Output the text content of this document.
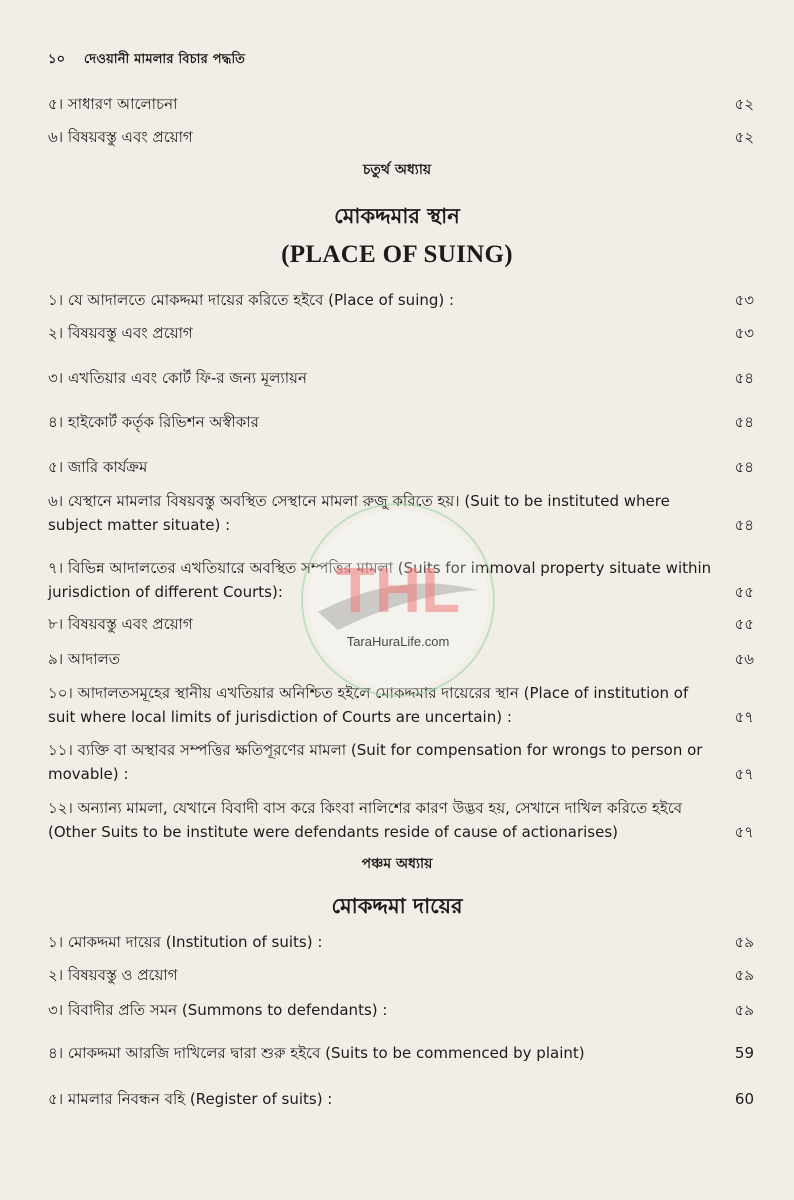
১০ দেওয়ানী মামলার বিচার পদ্ধতি
৫। সাধারণ আলোচনা	৫২
৬। বিষয়বস্তু এবং প্রয়োগ	৫২
চতুর্থ অধ্যায়
মোকদ্দমার স্থান
(PLACE OF SUING)
১। যে আদালতে মোকদ্দমা দায়ের করিতে হইবে (Place of suing) :	৫৩
২। বিষয়বস্তু এবং প্রয়োগ	৫৩
৩। এখতিয়ার এবং কোর্ট ফি-র জন্য মূল্যায়ন	৫৪
৪। হাইকোর্ট কর্তৃক রিভিশন অস্বীকার	৫৪
৫। জারি কার্যক্রম	৫৪
৬। যেস্থানে মামলার বিষয়বস্তু অবস্থিত সেস্থানে মামলা রুজু করিতে হয়। (Suit to be instituted where subject matter situate) :	৫৪
৭। বিভিন্ন আদালতের এখতিয়ারে অবস্থিত সম্পত্তির মামলা (Suits for immoval property situate within jurisdiction of different Courts):	৫৫
৮। বিষয়বস্তু এবং প্রয়োগ	৫৫
৯। আদালত	৫৬
১০। আদালতসমূহের স্থানীয় এখতিয়ার অনিশ্চিত হইলে মোকদ্দমার দায়েরের স্থান (Place of institution of suit where local limits of jurisdiction of Courts are uncertain) :	৫৭
১১। ব্যক্তি বা অস্থাবর সম্পত্তির ক্ষতিপূরণের মামলা (Suit for compensation for wrongs to person or movable) :	৫৭
১২। অন্যান্য মামলা, যেখানে বিবাদী বাস করে কিংবা নালিশের কারণ উদ্ভব হয়, সেখানে দাখিল করিতে হইবে (Other Suits to be institute were defendants reside of cause of actionarises)	৫৭
পঞ্চম অধ্যায়
মোকদ্দমা দায়ের
১। মোকদ্দমা দায়ের (Institution of suits) :	৫৯
২। বিষয়বস্তু ও প্রয়োগ	৫৯
৩। বিবাদীর প্রতি সমন (Summons to defendants) :	৫৯
৪। মোকদ্দমা আরজি দাখিলের দ্বারা শুরু হইবে (Suits to be commenced by plaint)	59
৫। মামলার নিবন্ধন বহি (Register of suits) :	60
THL
TaraHuraLife.com
